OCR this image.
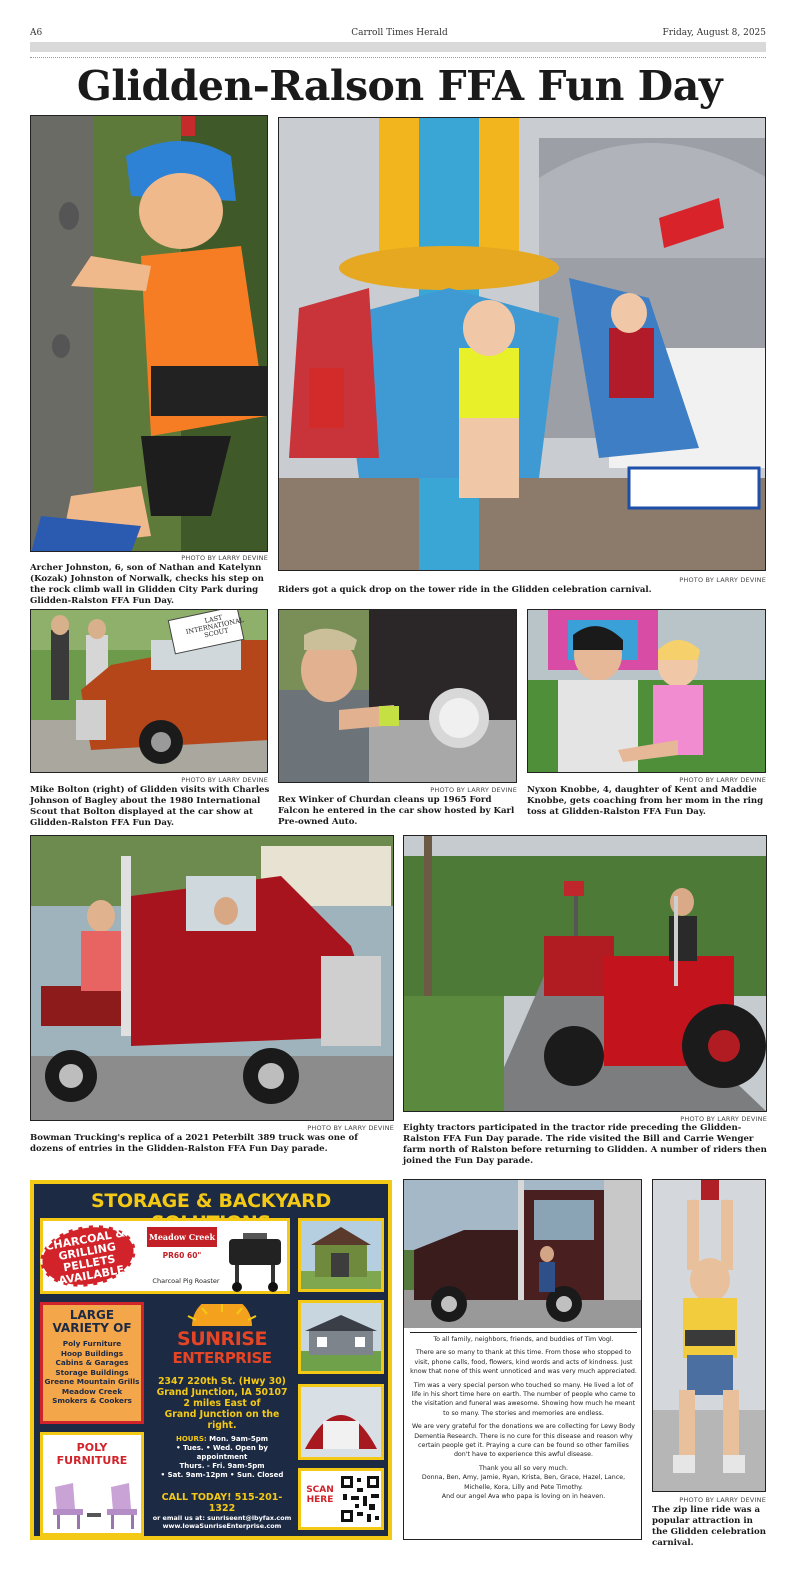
A6	Carroll Times Herald	Friday, August 8, 2025
Glidden-Ralson FFA Fun Day
PHOTO BY LARRY DEVINE
Archer Johnston, 6, son of Nathan and Katelynn (Kozak) Johnston of Norwalk, checks his step on the rock climb wall in Glidden City Park during Glidden-Ralston FFA Fun Day.
PHOTO BY LARRY DEVINE
Riders got a quick drop on the tower ride in the Glidden celebration carnival.
LAST INTERNATIONAL SCOUT
PHOTO BY LARRY DEVINE
Mike Bolton (right) of Glidden visits with Charles Johnson of Bagley about the 1980 International Scout that Bolton displayed at the car show at Glidden-Ralston FFA Fun Day.
PHOTO BY LARRY DEVINE
Rex Winker of Churdan cleans up 1965 Ford Falcon he entered in the car show hosted by Karl Pre-owned Auto.
PHOTO BY LARRY DEVINE
Nyxon Knobbe, 4, daughter of Kent and Maddie Knobbe, gets coaching from her mom in the ring toss at Glidden-Ralston FFA Fun Day.
PHOTO BY LARRY DEVINE
Bowman Trucking's replica of a 2021 Peterbilt 389 truck was one of dozens of entries in the Glidden-Ralston FFA Fun Day parade.
PHOTO BY LARRY DEVINE
Eighty tractors participated in the tractor ride preceding the Glidden-Ralston FFA Fun Day parade. The ride visited the Bill and Carrie Wenger farm north of Ralston before returning to Glidden. A number of riders then joined the Fun Day parade.
STORAGE & BACKYARD
Meadow Creek
PR60 60"
Charcoal Pig Roaster
CHARCOAL & GRILLING PELLETS AVAILABLE
LARGE VARIETY OF
Poly Furniture
Hoop Buildings
Cabins & Garages
Storage Buildings
Greene Mountain Grills
Meadow Creek Smokers & Cookers
SUNRISE
ENTERPRISE
2347 220th St. (Hwy 30)
Grand Junction, IA 50107
2 miles East of
Grand Junction on the right.
HOURS: Mon. 9am-5pm
• Tues. • Wed. Open by appointment
Thurs. - Fri. 9am-5pm
• Sat. 9am-12pm • Sun. Closed
POLY FURNITURE
CALL TODAY! 515-201-1322
or email us at: sunriseent@ibyfax.com
www.IowaSunriseEnterprise.com
SCAN HERE

To all family, neighbors, friends, and buddies of Tim Vogl.

There are so many to thank at this time. From those who stopped to visit, phone calls, food, flowers, kind words and acts of kindness. Just know that none of this went unnoticed and was very much appreciated.

Tim was a very special person who touched so many. He lived a lot of life in his short time here on earth. The number of people who came to the visitation and funeral was awesome. Showing how much he meant to so many. The stories and memories are endless.

We are very grateful for the donations we are collecting for Lewy Body Dementia Research. There is no cure for this disease and reason why certain people get it. Praying a cure can be found so other families don't have to experience this awful disease.

Thank you all so very much.

Donna, Ben, Amy, Jamie, Ryan, Krista, Ben, Grace, Hazel, Lance, Michelle, Kora, Lilly and Pete Timothy.

And our angel Ava who papa is loving on in heaven.	PHOTO BY LARRY DEVINE
The zip line ride was a popular attraction in the Glidden celebration carnival.
